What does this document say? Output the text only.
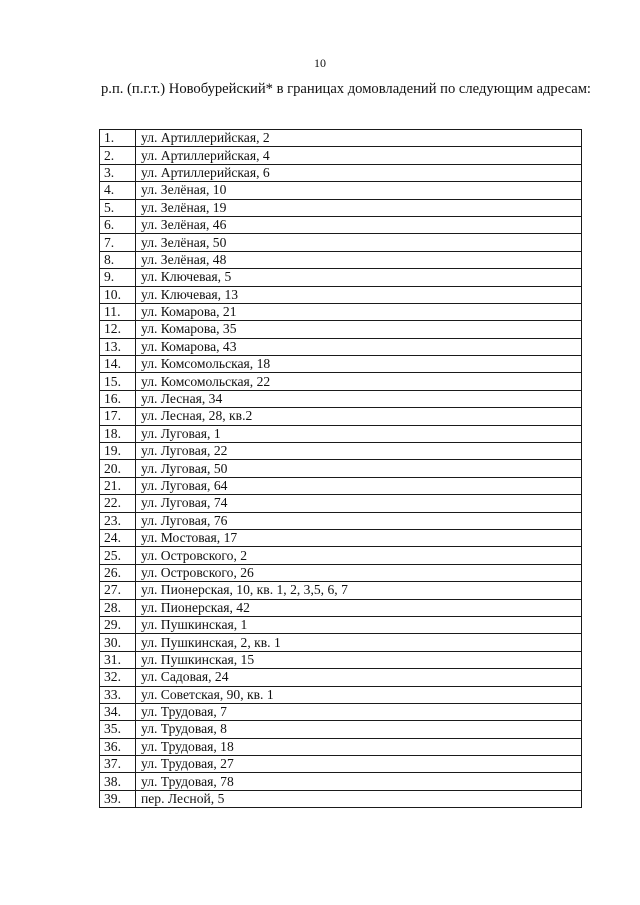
10

р.п. (п.г.т.) Новобурейский* в границах домовладений по следующим адресам:

1.	ул. Артиллерийская, 2
2.	ул. Артиллерийская, 4
3.	ул. Артиллерийская, 6
4.	ул. Зелёная, 10
5.	ул. Зелёная, 19
6.	ул. Зелёная, 46
7.	ул. Зелёная, 50
8.	ул. Зелёная, 48
9.	ул. Ключевая, 5
10.	ул. Ключевая, 13
11.	ул. Комарова, 21
12.	ул. Комарова, 35
13.	ул. Комарова, 43
14.	ул. Комсомольская, 18
15.	ул. Комсомольская, 22
16.	ул. Лесная, 34
17.	ул. Лесная, 28, кв.2
18.	ул. Луговая, 1
19.	ул. Луговая, 22
20.	ул. Луговая, 50
21.	ул. Луговая, 64
22.	ул. Луговая, 74
23.	ул. Луговая, 76
24.	ул. Мостовая, 17
25.	ул. Островского, 2
26.	ул. Островского, 26
27.	ул. Пионерская, 10, кв. 1, 2, 3,5, 6, 7
28.	ул. Пионерская, 42
29.	ул. Пушкинская, 1
30.	ул. Пушкинская, 2, кв. 1
31.	ул. Пушкинская, 15
32.	ул. Садовая, 24
33.	ул. Советская, 90, кв. 1
34.	ул. Трудовая, 7
35.	ул. Трудовая, 8
36.	ул. Трудовая, 18
37.	ул. Трудовая, 27
38.	ул. Трудовая, 78
39.	пер. Лесной, 5
